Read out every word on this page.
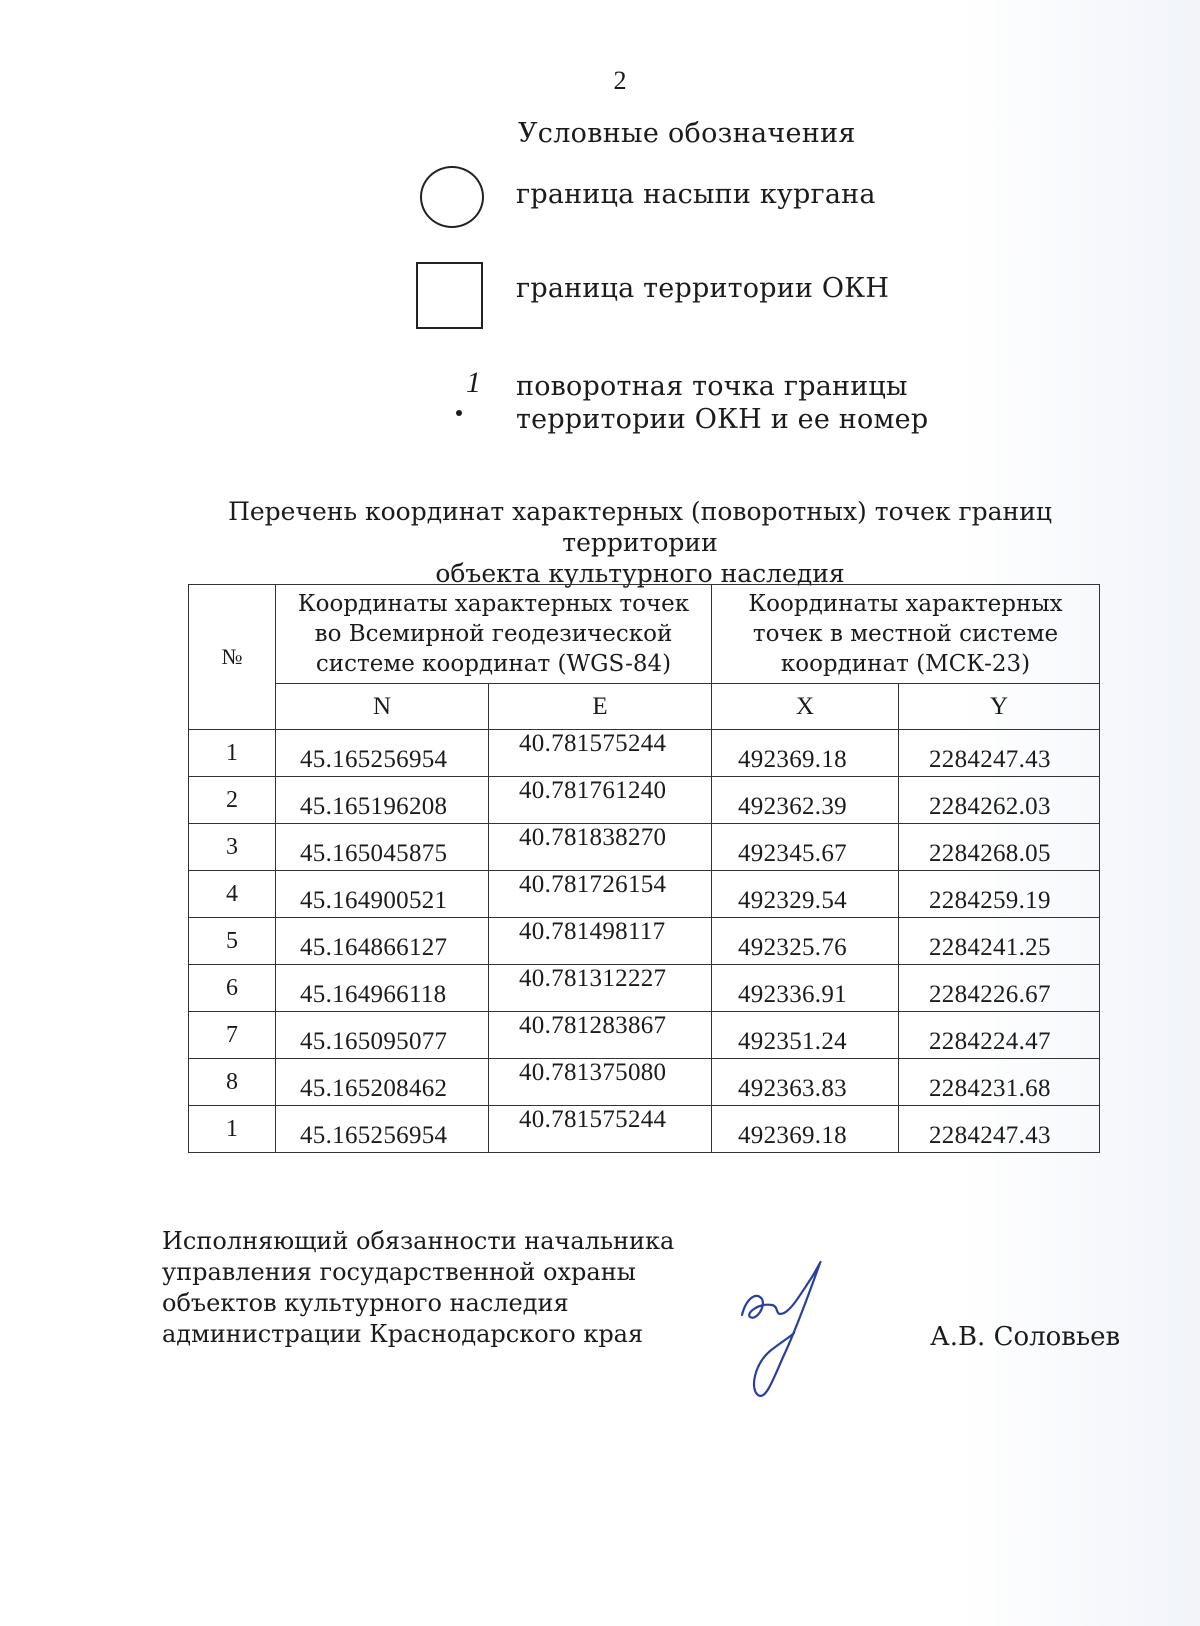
2
Условные обозначения
граница насыпи кургана
граница территории ОКН
1 поворотная точка границы
территории ОКН и ее номер
Перечень координат характерных (поворотных) точек границ территории
объекта культурного наследия
№	Координаты характерных точек
во Всемирной геодезической
системе координат (WGS-84)		Координаты характерных
точек в местной системе
координат (МСК-23)	

	N	E	X	Y
1	45.165256954	40.781575244	492369.18	2284247.43
2	45.165196208	40.781761240	492362.39	2284262.03
3	45.165045875	40.781838270	492345.67	2284268.05
4	45.164900521	40.781726154	492329.54	2284259.19
5	45.164866127	40.781498117	492325.76	2284241.25
6	45.164966118	40.781312227	492336.91	2284226.67
7	45.165095077	40.781283867	492351.24	2284224.47
8	45.165208462	40.781375080	492363.83	2284231.68
1	45.165256954	40.781575244	492369.18	2284247.43
Исполняющий обязанности начальника
управления государственной охраны
объектов культурного наследия
администрации Краснодарского края	А.В. Соловьев
